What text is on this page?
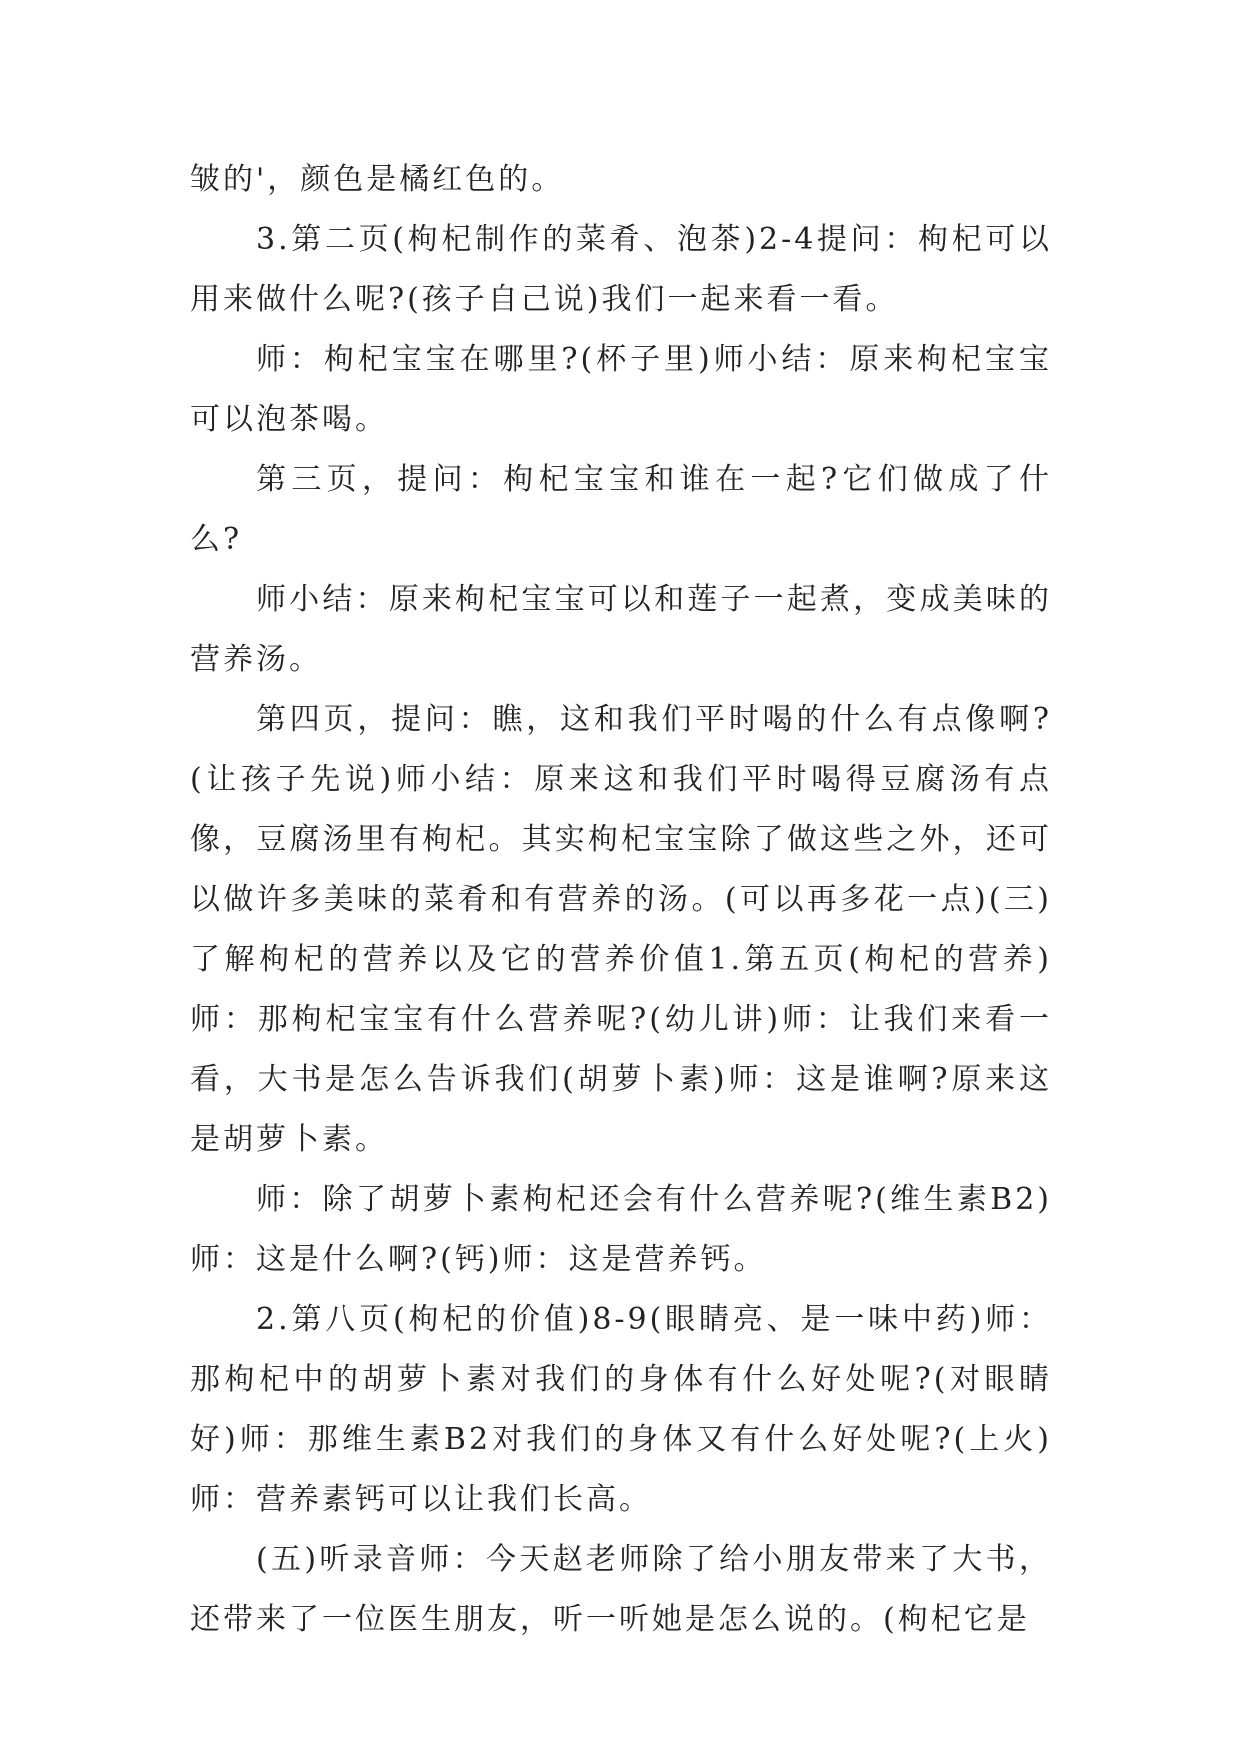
皱的'，颜色是橘红色的。

3.第二页(枸杞制作的菜肴、泡茶)2-4提问：枸杞可以用来做什么呢?(孩子自己说)我们一起来看一看。

师：枸杞宝宝在哪里?(杯子里)师小结：原来枸杞宝宝可以泡茶喝。

第三页，提问：枸杞宝宝和谁在一起?它们做成了什么?

师小结：原来枸杞宝宝可以和莲子一起煮，变成美味的营养汤。

第四页，提问：瞧，这和我们平时喝的什么有点像啊?(让孩子先说)师小结：原来这和我们平时喝得豆腐汤有点像，豆腐汤里有枸杞。其实枸杞宝宝除了做这些之外，还可以做许多美味的菜肴和有营养的汤。(可以再多花一点)(三)了解枸杞的营养以及它的营养价值1.第五页(枸杞的营养)师：那枸杞宝宝有什么营养呢?(幼儿讲)师：让我们来看一看，大书是怎么告诉我们(胡萝卜素)师：这是谁啊?原来这是胡萝卜素。

师：除了胡萝卜素枸杞还会有什么营养呢?(维生素B2)师：这是什么啊?(钙)师：这是营养钙。

2.第八页(枸杞的价值)8-9(眼睛亮、是一味中药)师：那枸杞中的胡萝卜素对我们的身体有什么好处呢?(对眼睛好)师：那维生素B2对我们的身体又有什么好处呢?(上火)师：营养素钙可以让我们长高。

(五)听录音师：今天赵老师除了给小朋友带来了大书，还带来了一位医生朋友，听一听她是怎么说的。(枸杞它是
